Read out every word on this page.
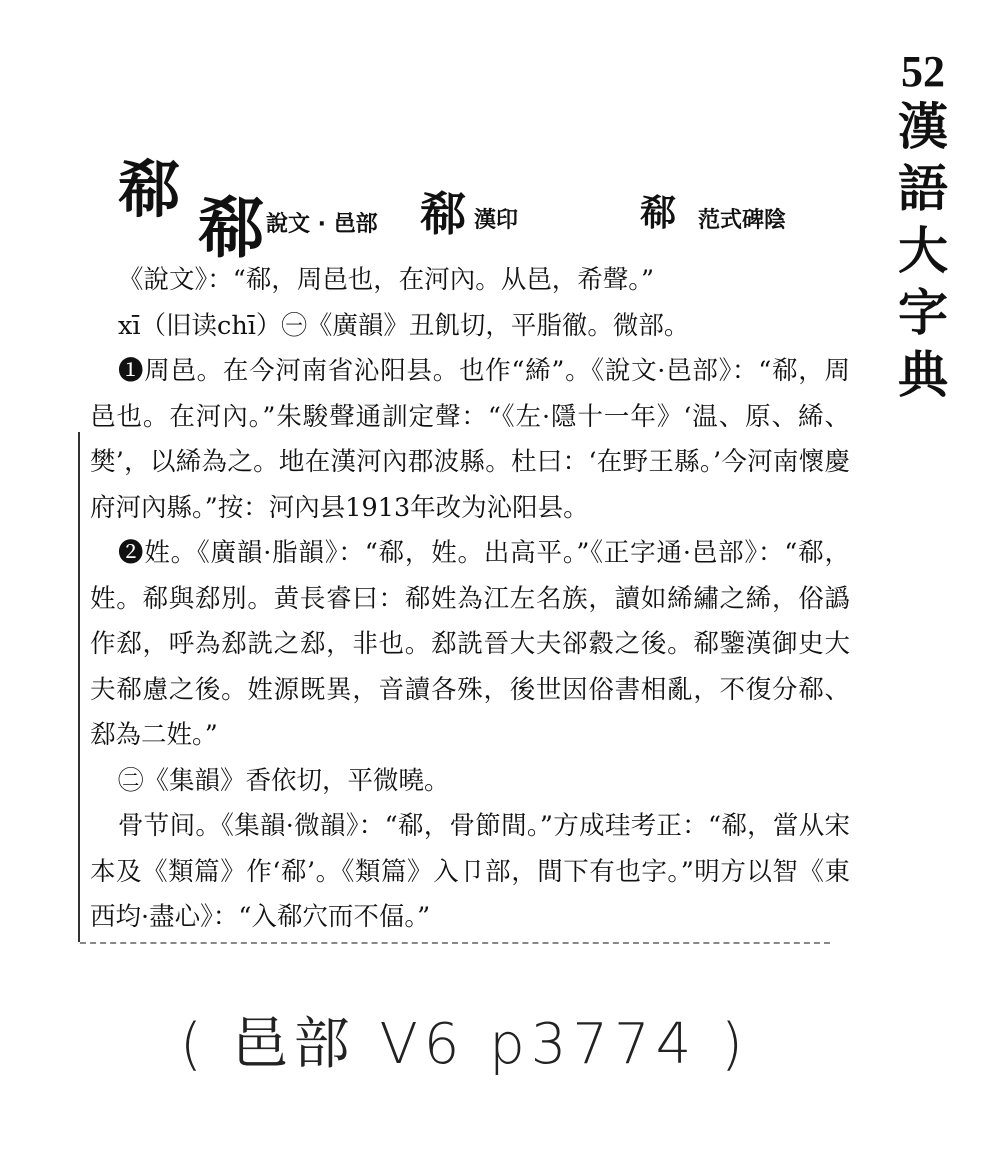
52
漢
語
大
字
典
郗 郗 說文 · 邑部 郗 漢印	郗 范式碑陰

《說文》：“郗，周邑也，在河內。从邑，希聲。”

xī（旧读chī）㊀《廣韻》丑飢切，平脂徹。微部。

❶周邑。在今河南省沁阳县。也作“絺”。《說文·邑部》：“郗，周邑也。在河內。”朱駿聲通訓定聲：“《左·隱十一年》‘温、原、絺、樊’，以絺為之。地在漢河內郡波縣。杜曰：‘在野王縣。’今河南懷慶府河內縣。”按：河內县1913年改为沁阳县。

❷姓。《廣韻·脂韻》：“郗，姓。出高平。”《正字通·邑部》：“郗，姓。郗與郄別。黄長睿曰：郗姓為江左名族，讀如絺繡之絺，俗譌作郄，呼為郄詵之郄，非也。郄詵晉大夫郤縠之後。郗鑒漢御史大夫郗慮之後。姓源既異，音讀各殊，後世因俗書相亂，不復分郗、郄為二姓。”

㊁《集韻》香依切，平微曉。

骨节间。《集韻·微韻》：“郗，骨節間。”方成珪考正：“郗，當从宋本及《類篇》作‘郗’。《類篇》入卩部，間下有也字。”明方以智《東西均·盡心》：“入郗穴而不偪。”

( 邑部 V6 p3774 )
